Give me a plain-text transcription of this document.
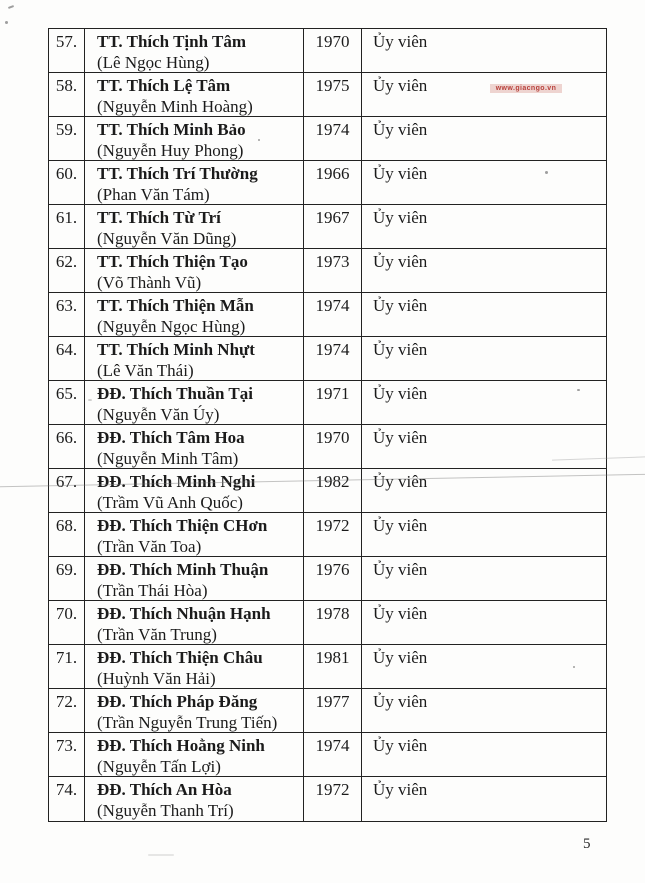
57.	TT. Thích Tịnh Tâm
(Lê Ngọc Hùng)
1970	Ủy viên
58.	TT. Thích Lệ Tâm
(Nguyễn Minh Hoàng)
1975	Ủy viên
59.	TT. Thích Minh Bảo
(Nguyễn Huy Phong)
1974	Ủy viên
60.	TT. Thích Trí Thường
(Phan Văn Tám)
1966	Ủy viên
61.	TT. Thích Từ Trí
(Nguyễn Văn Dũng)
1967	Ủy viên
62.	TT. Thích Thiện Tạo
(Võ Thành Vũ)
1973	Ủy viên
63.	TT. Thích Thiện Mẫn
(Nguyễn Ngọc Hùng)
1974	Ủy viên
64.	TT. Thích Minh Nhựt
(Lê Văn Thái)
1974	Ủy viên
65.	ĐĐ. Thích Thuần Tại
(Nguyễn Văn Úy)
1971	Ủy viên
66.	ĐĐ. Thích Tâm Hoa
(Nguyễn Minh Tâm)
1970	Ủy viên
67.	ĐĐ. Thích Minh Nghi
(Trầm Vũ Anh Quốc)
1982	Ủy viên
68.	ĐĐ. Thích Thiện CHơn
(Trần Văn Toa)
1972	Ủy viên
69.	ĐĐ. Thích Minh Thuận
(Trần Thái Hòa)
1976	Ủy viên
70.	ĐĐ. Thích Nhuận Hạnh
(Trần Văn Trung)
1978	Ủy viên
71.	ĐĐ. Thích Thiện Châu
(Huỳnh Văn Hải)
1981	Ủy viên
72.	ĐĐ. Thích Pháp Đăng
(Trần Nguyễn Trung Tiến)
1977	Ủy viên
73.	ĐĐ. Thích Hoằng Ninh
(Nguyễn Tấn Lợi)
1974	Ủy viên
74.	ĐĐ. Thích An Hòa
(Nguyễn Thanh Trí)
1972	Ủy viên
www.giacngo.vn
5
